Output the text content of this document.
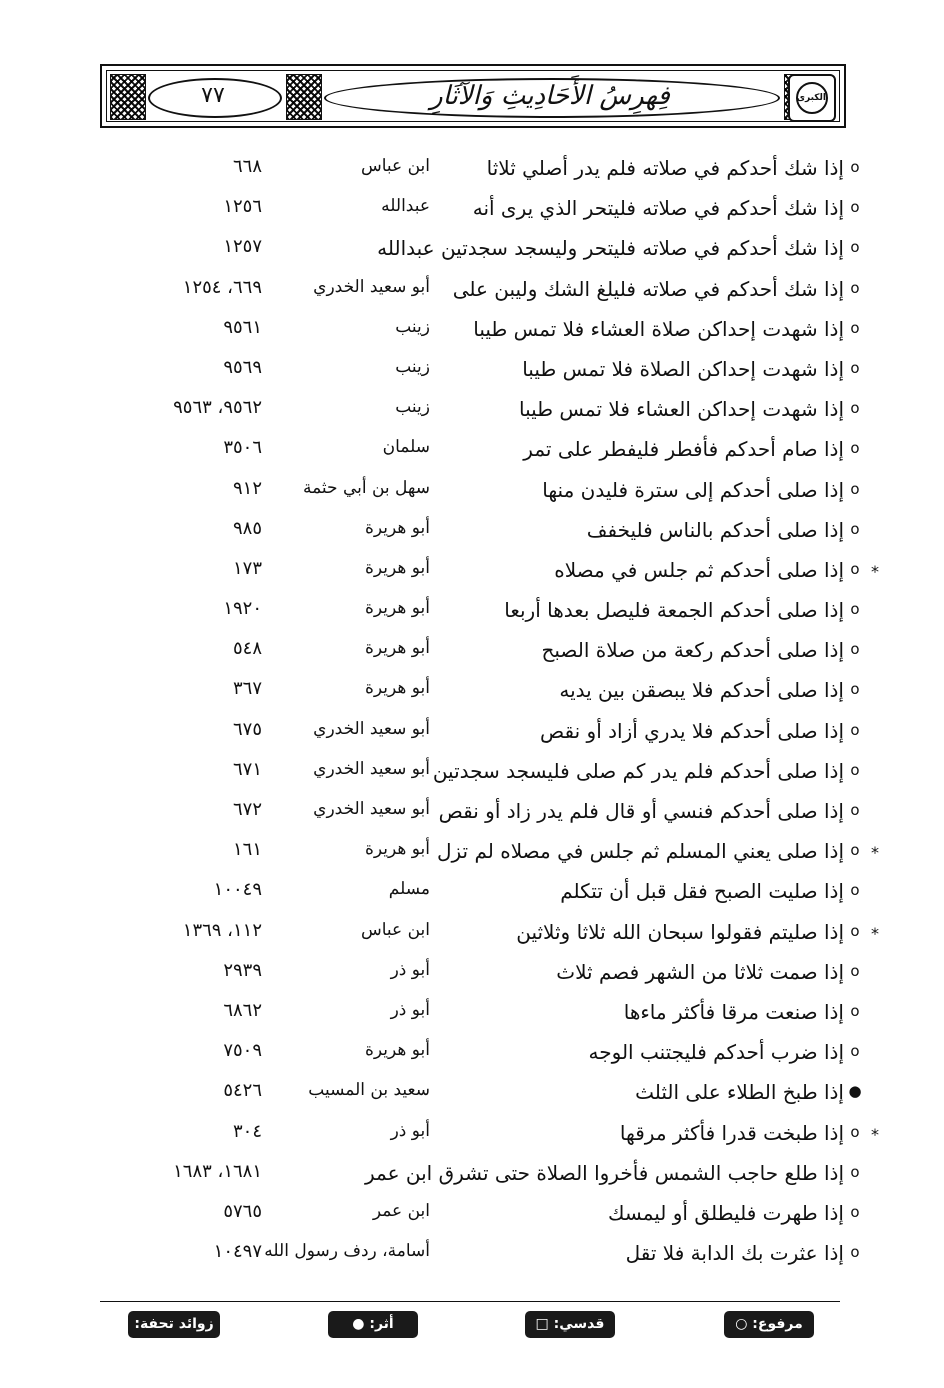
٧٧	فِهرِسُ الأَحَادِيثِ وَالآثَارِ	الكبرى
o
إذا شك أحدكم في صلاته فلم يدر أصلي ثلاثا
ابن عباس
٦٦٨
o
إذا شك أحدكم في صلاته فليتحر الذي يرى أنه
عبدالله
١٢٥٦
o
إذا شك أحدكم في صلاته فليتحر وليسجد سجدتين عبدالله
١٢٥٧
o
إذا شك أحدكم في صلاته فليلغ الشك وليبن على
أبو سعيد الخدري
٦٦٩، ١٢٥٤
o
إذا شهدت إحداكن صلاة العشاء فلا تمس طيبا
زينب
٩٥٦١
o
إذا شهدت إحداكن الصلاة فلا تمس طيبا
زينب
٩٥٦٩
o
إذا شهدت إحداكن العشاء فلا تمس طيبا
زينب
٩٥٦٢، ٩٥٦٣
o
إذا صام أحدكم فأفطر فليفطر على تمر
سلمان
٣٥٠٦
o
إذا صلى أحدكم إلى سترة فليدن منها
سهل بن أبي حثمة
٩١٢
o
إذا صلى أحدكم بالناس فليخفف
أبو هريرة
٩٨٥
*
o
إذا صلى أحدكم ثم جلس في مصلاه
أبو هريرة
١٧٣
o
إذا صلى أحدكم الجمعة فليصل بعدها أربعا
أبو هريرة
١٩٢٠
o
إذا صلى أحدكم ركعة من صلاة الصبح
أبو هريرة
٥٤٨
o
إذا صلى أحدكم فلا يبصقن بين يديه
أبو هريرة
٣٦٧
o
إذا صلى أحدكم فلا يدري أزاد أو نقص
أبو سعيد الخدري
٦٧٥
o
إذا صلى أحدكم فلم يدر كم صلى فليسجد سجدتين
أبو سعيد الخدري
٦٧١
o
إذا صلى أحدكم فنسي أو قال فلم يدر زاد أو نقص
أبو سعيد الخدري
٦٧٢
*
o
إذا صلى يعني المسلم ثم جلس في مصلاه لم تزل
أبو هريرة
١٦١
o
إذا صليت الصبح فقل قبل أن تتكلم
مسلم
١٠٠٤٩
*
o
إذا صليتم فقولوا سبحان الله ثلاثا وثلاثين
ابن عباس
١١٢، ١٣٦٩
o
إذا صمت ثلاثا من الشهر فصم ثلاث
أبو ذر
٢٩٣٩
o
إذا صنعت مرقا فأكثر ماءها
أبو ذر
٦٨٦٢
o
إذا ضرب أحدكم فليجتنب الوجه
أبو هريرة
٧٥٠٩
●
إذا طبخ الطلاء على الثلث
سعيد بن المسيب
٥٤٢٦
*
o
إذا طبخت قدرا فأكثر مرقها
أبو ذر
٣٠٤
o
إذا طلع حاجب الشمس فأخروا الصلاة حتى تشرق ابن عمر
١٦٨١، ١٦٨٣
o
إذا طهرت فليطلق أو ليمسك
ابن عمر
٥٧٦٥
o
إذا عثرت بك الدابة فلا تقل
أسامة، ردف رسول الله
١٠٤٩٧
مرفوع: ○
قدسي: □
أثر: ●
زوائد تحفة: ❋
